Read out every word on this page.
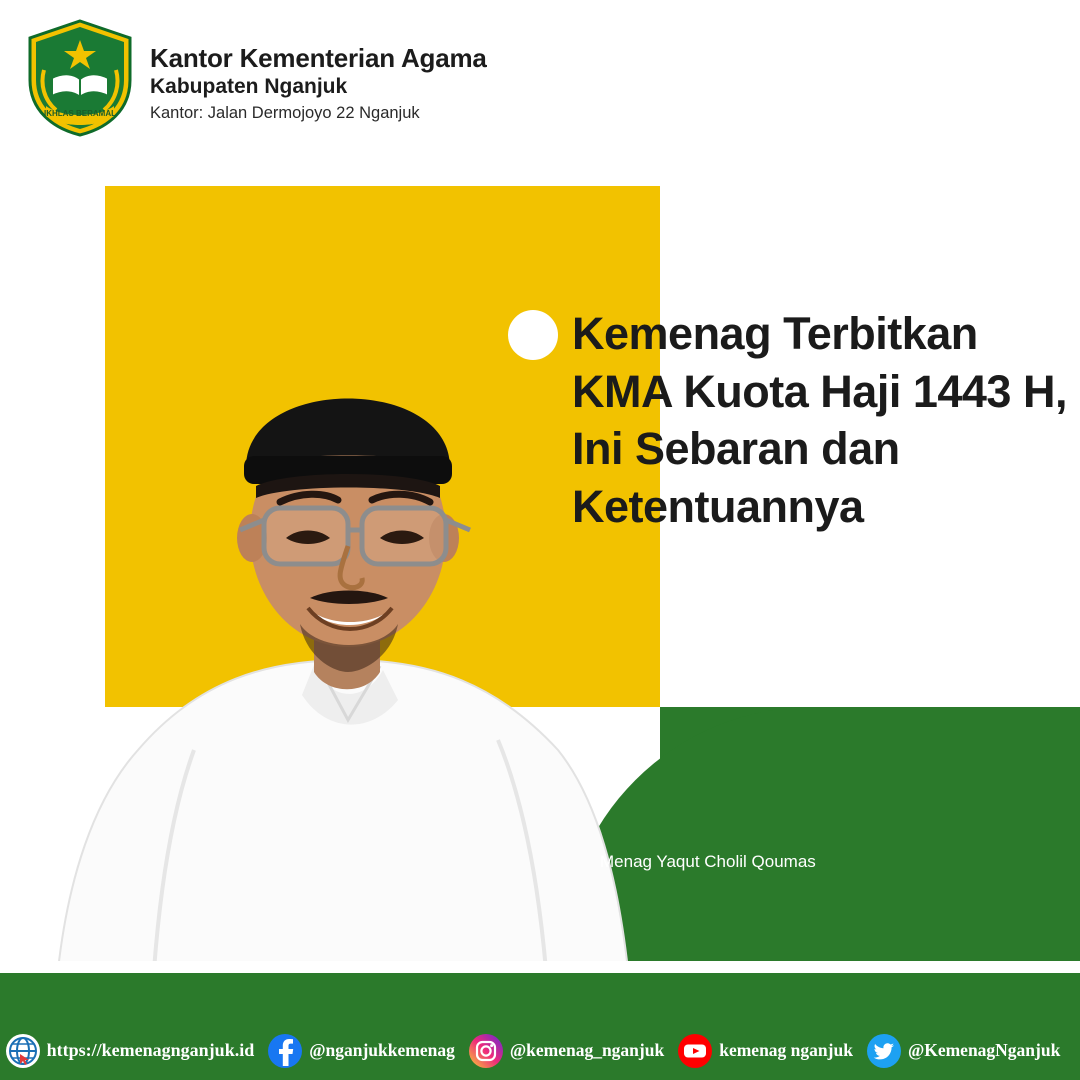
IKHLAS BERAMAL
Kantor Kementerian Agama
Kabupaten Nganjuk
Kantor: Jalan Dermojoyo 22 Nganjuk
Kemenag Terbitkan KMA Kuota Haji 1443 H, Ini Sebaran dan Ketentuannya
Menag Yaqut Cholil Qoumas
https://kemenagnganjuk.id	@nganjukkemenag	@kemenag_nganjuk	kemenag nganjuk	@KemenagNganjuk
